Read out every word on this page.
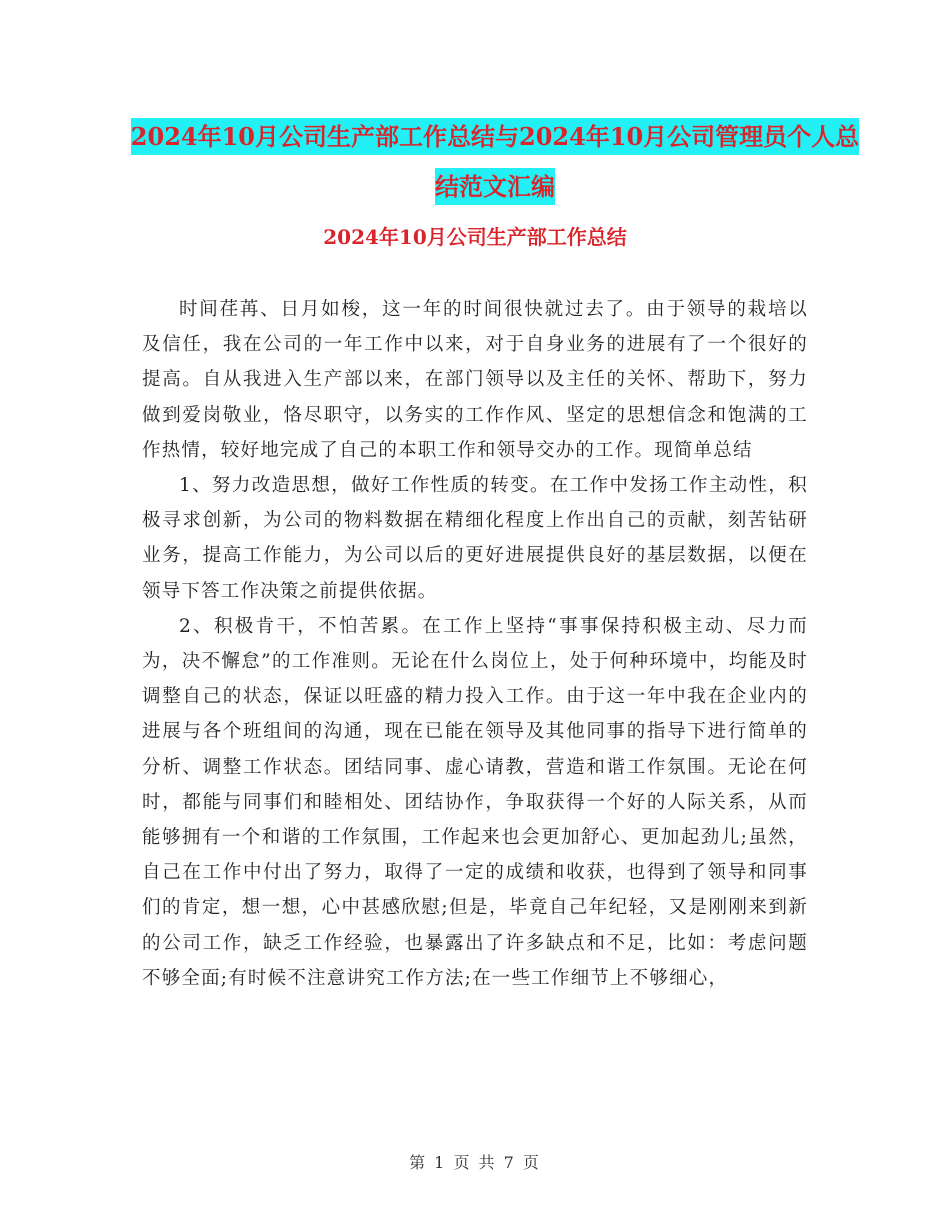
2024年10月公司生产部工作总结与2024年10月公司管理员个人总结范文汇编
2024年10月公司生产部工作总结

时间荏苒、日月如梭，这一年的时间很快就过去了。由于领导的栽培以及信任，我在公司的一年工作中以来，对于自身业务的进展有了一个很好的提高。自从我进入生产部以来，在部门领导以及主任的关怀、帮助下，努力做到爱岗敬业，恪尽职守，以务实的工作作风、坚定的思想信念和饱满的工作热情，较好地完成了自己的本职工作和领导交办的工作。现简单总结

1、努力改造思想，做好工作性质的转变。在工作中发扬工作主动性，积极寻求创新，为公司的物料数据在精细化程度上作出自己的贡献，刻苦钻研业务，提高工作能力，为公司以后的更好进展提供良好的基层数据，以便在领导下答工作决策之前提供依据。

2、积极肯干，不怕苦累。在工作上坚持“事事保持积极主动、尽力而为，决不懈怠”的工作准则。无论在什么岗位上，处于何种环境中，均能及时调整自己的状态，保证以旺盛的精力投入工作。由于这一年中我在企业内的进展与各个班组间的沟通，现在已能在领导及其他同事的指导下进行简单的分析、调整工作状态。团结同事、虚心请教，营造和谐工作氛围。无论在何时，都能与同事们和睦相处、团结协作，争取获得一个好的人际关系，从而能够拥有一个和谐的工作氛围，工作起来也会更加舒心、更加起劲儿;虽然，自己在工作中付出了努力，取得了一定的成绩和收获，也得到了领导和同事们的肯定，想一想，心中甚感欣慰;但是，毕竟自己年纪轻，又是刚刚来到新的公司工作，缺乏工作经验，也暴露出了许多缺点和不足，比如：考虑问题不够全面;有时候不注意讲究工作方法;在一些工作细节上不够细心，

第 1 页 共 7 页
